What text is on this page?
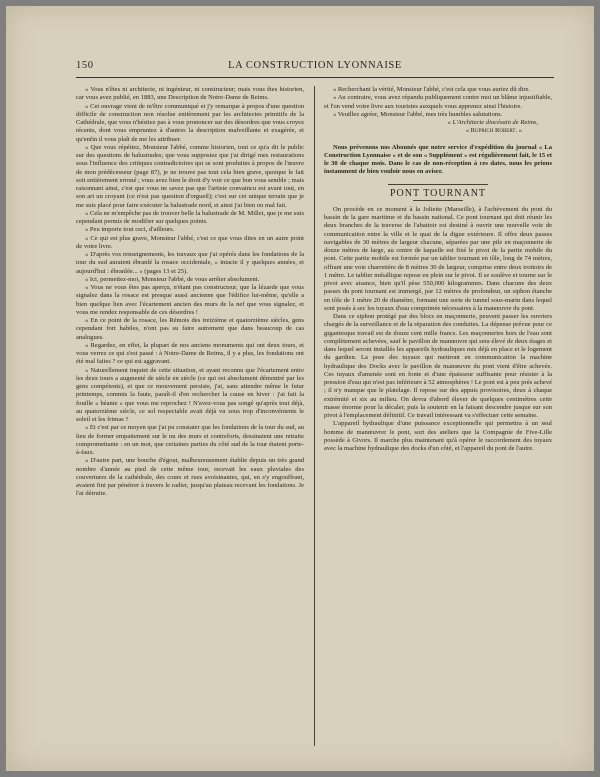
150	LA CONSTRUCTION LYONNAISE

« Vous n'êtes ni architecte, ni ingénieur, ni constructeur; mais vous êtes historien, car vous avez publié, en 1883, une Description de Notre-Dame de Reims.

« Cet ouvrage vient de m'être communiqué et j'y remarque à propos d'une question difficile de construction non résolue entièrement par les architectes primitifs de la Cathédrale, que vous n'hésitez pas à vous prononcer sur des désordres que vous croyez récents, dont vous empruntez à d'autres la description malveillante et exagérée, et qu'enfin il vous plaît de me les attribuer.

« Que vous répétiez, Monsieur l'abbé, comme historien, tout ce qu'a dit le public sur des questions de balustrades; que vous supposiez que j'ai dirigé mes restaurations sous l'influence des critiques contradictoires qui se sont produites à propos de l'œuvre de mon prédécesseur (page 87), je ne trouve pas tout cela bien grave, quoique le fait soit entièrement erroné ; vous avez bien le droit d'y voir ce que bon vous semble ; mais raisonnant ainsi, c'est que vous ne savez pas que l'artiste convaincu est avant tout, en son art un croyant (ce n'est pas question d'orgueil); c'est sur cet unique terrain que je me suis placé pour faire exécuter la balustrade nord, et ainsi j'ai bien ou mal fait.

« Cela ne m'empêche pas de trouver belle la balustrade de M. Millet, que je me suis cependant permis de modifier sur quelques points.

« Peu importe tout ceci, d'ailleurs.

« Ce qui est plus grave, Monsieur l'abbé, c'est ce que vous dites en un autre point de votre livre.

« D'après vos renseignements, les travaux que j'ai opérés dans les fondations de la tour du sud auraient ébranlé la rosace occidentale, « intacte il y quelques années, et aujourd'hui : ébranlée... » (pages 13 et 25).

« Ici, permettez-moi, Monsieur l'abbé, de vous arrêter absolument.

« Vous ne vous êtes pas aperçu, n'étant pas constructeur, que la lézarde que vous signalez dans la rosace est presque aussi ancienne que l'édifice lui-même, qu'elle a bien quelque lien avec l'écartement ancien des murs de la nef que vous signalez, et vous me rendez responsable de ces désordres !

« En ce point de la rosace, les Rémois des treizième et quatorzième siècles, gens cependant fort habiles, n'ont pas su faire autrement que dans beaucoup de cas analogues.

« Regardez, en effet, la plupart de nos anciens monuments qui ont deux tours, et vous verrez ce qui s'est passé : à Notre-Dame de Reims, il y a plus, les fondations ont été mal faites ? ce qui est aggravant.

« Naturellement inquiet de cette situation, et ayant reconnu que l'écartement entre les deux tours a augmenté de siècle en siècle (ce qui est absolument démontré par les gens compétents), et que ce mouvement persiste, j'ai, sans attendre même le futur printemps, commis la faute, paraît-il d'en rechercher la cause en hiver : j'ai fait la fouille « béante » que vous me reprochez ! N'avez-vous pas songé qu'après tout déjà, au quatorzième siècle, ce sol respectable avait déjà vu sous trop d'inconvénients le soleil et les frimas ?

« Et c'est par ce moyen que j'ai pu constater que les fondations de la tour du sud, au lieu de former empattement sur le nu des murs et contreforts, dessinaient une retraite compromettante : en un mot, que certaines parties du côté sud de la tour étaient porte-à-faux.

« D'autre part, une bouche d'égout, malheureusement établie depuis un très grand nombre d'année au pied de cette même tour, recevait les eaux pluviales des couvertures de la cathédrale, des cours et rues avoisinantes, qui, en s'y engouffrant, avaient fini par pénétrer à travers le radier, jusqu'au plateau recevant les fondations. Je l'ai détruite.

« Recherchant la vérité, Monsieur l'abbé, c'est cela que vous auriez dû dire.

« Au contraire, vous avez répandu publiquement contre moi un blâme injustifiable, et l'on vend votre livre aux touristes auxquels vous apprenez ainsi l'histoire.

« Veuillez agréer, Monsieur l'abbé, mes très humbles salutations.

« L'Architecte diocésain de Reims,

« Ruprich Robert. »

Nous prévenons nos Abonnés que notre service d'expédition du journal « La Construction Lyonnaise » et de son « Supplément » est régulièrement fait, le 15 et le 30 de chaque mois. Dans le cas de non-réception à ces dates, nous les prions instamment de bien vouloir nous en aviser.

PONT TOURNANT

On procède en ce moment à la Joliette (Marseille), à l'achèvement du pont du bassin de la gare maritime et du bassin national. Ce pont tournant qui doit réunir les deux branches de la traverse de l'abattoir est destiné à ouvrir une nouvelle voie de communication entre la ville et le quai de la digue extérieure. Il offre deux passes navigables de 30 mètres de largeur chacune, séparées par une pile en maçonnerie de douze mètres de large, au centre de laquelle est fixé le pivot de la partie mobile du pont. Cette partie mobile est formée par un tablier tournant en tôle, long de 74 mètres, offrant une voie charretière de 8 mètres 30 de largeur, comprise entre deux trottoirs de 1 mètre. Le tablier métallique repose en plein sur le pivot. Il se soulève et tourne sur le pivot avec aisance, bien qu'il pèse 550,000 kilogrammes. Dans chacune des deux passes du pont tournant est immergé, par 12 mètres de profondeur, un siphon étanche en tôle de 1 mètre 20 de diamètre, formant une sorte de tunnel sous-marin dans lequel sont posés à sec les tuyaux d'eau comprimée nécessaires à la manœuvre du pont.

Dans ce siphon protégé par des blocs en maçonnerie, peuvent passer les ouvriers chargés de la surveillance et de la réparation des conduites. La dépense prévue pour ce gigantesque travail est de douze cent mille francs. Les maçonneries hors de l'eau sont complètement achevées, sauf le pavillon de manœuvre qui sera élevé de deux étages et dans lequel seront installés les appareils hydrauliques mis déjà en place et le logement du gardien. La pose des tuyaux qui mettront en communication la machine hydraulique des Docks avec le pavillon de manœuvre du pont vient d'être achevée. Ces tuyaux d'amenée sont en fonte et d'une épaisseur suffisante pour résister à la pression d'eau qui n'est pas inférieure à 52 atmosphères ! Le pont est à peu près achevé ; il n'y manque que le platelage. Il repose sur des appuis provisoires, deux à chaque extrémité et six au milieu. On devra d'abord élever de quelques centimètres cette masse énorme pour la décaler, puis la soutenir en la faisant descendre jusque sur son pivot à l'emplacement définitif. Ce travail intéressant va s'effectuer cette semaine.

L'appareil hydraulique d'une puissance exceptionnelle qui permettra à un seul homme de manœuvrer le pont, sort des ateliers que la Compagnie de Five-Lille possède à Givors. Il marche plus maintenant qu'à opérer le raccordement des tuyaux avec la machine hydraulique des docks d'un côté, et l'appareil du pont de l'autre.
